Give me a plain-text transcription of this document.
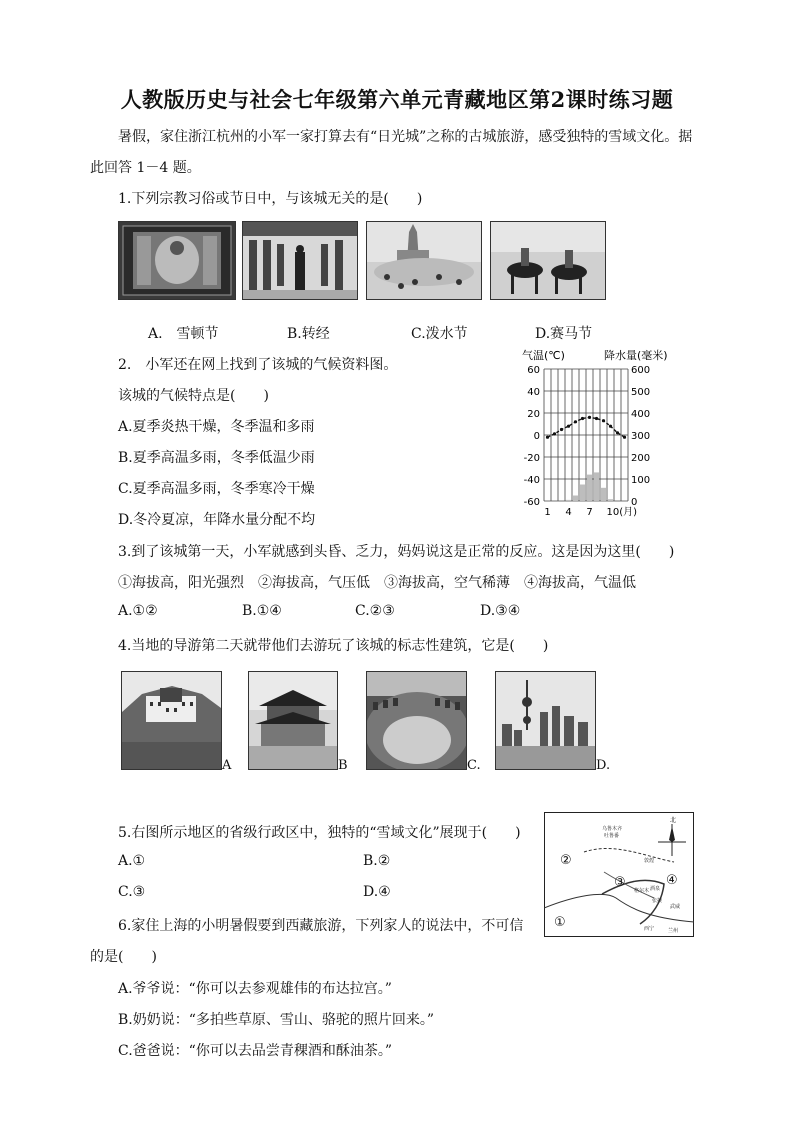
人教版历史与社会七年级第六单元青藏地区第2课时练习题
暑假，家住浙江杭州的小军一家打算去有“日光城”之称的古城旅游，感受独特的雪域文化。据
此回答 1－4 题。
1.下列宗教习俗或节日中，与该城无关的是(　　)
A.　雪顿节	B.转经	C.泼水节	D.赛马节
2.　小军还在网上找到了该城的气候资料图。
该城的气候特点是(　　)
A.夏季炎热干燥，冬季温和多雨
B.夏季高温多雨，冬季低温少雨
C.夏季高温多雨，冬季寒冷干燥
D.冬冷夏凉，年降水量分配不均
气温(℃)	降水量(毫米)
60	600
40	500
20	400
0	300
-20	200
-40	100
-60	0
1 4 7 10(月)
3.到了该城第一天，小军就感到头昏、乏力，妈妈说这是正常的反应。这是因为这里(　　)
①海拔高，阳光强烈　②海拔高，气压低　③海拔高，空气稀薄　④海拔高，气温低
A.①②	B.①④	C.②③	D.③④
4.当地的导游第二天就带他们去游玩了该城的标志性建筑，它是(　　)
A	B	C.	D.
5.右图所示地区的省级行政区中，独特的“雪域文化”展现于(　　)
A.①	B.②
C.③	D.④
乌鲁木齐
吐鲁番
敦煌
格尔木
西宁	兰州
武威
张掖
酒泉
②
③	④
①
北
6.家住上海的小明暑假要到西藏旅游，下列家人的说法中，不可信
的是(　　)
A.爷爷说：“你可以去参观雄伟的布达拉宫。”
B.奶奶说：“多拍些草原、雪山、骆驼的照片回来。”
C.爸爸说：“你可以去品尝青稞酒和酥油茶。”
